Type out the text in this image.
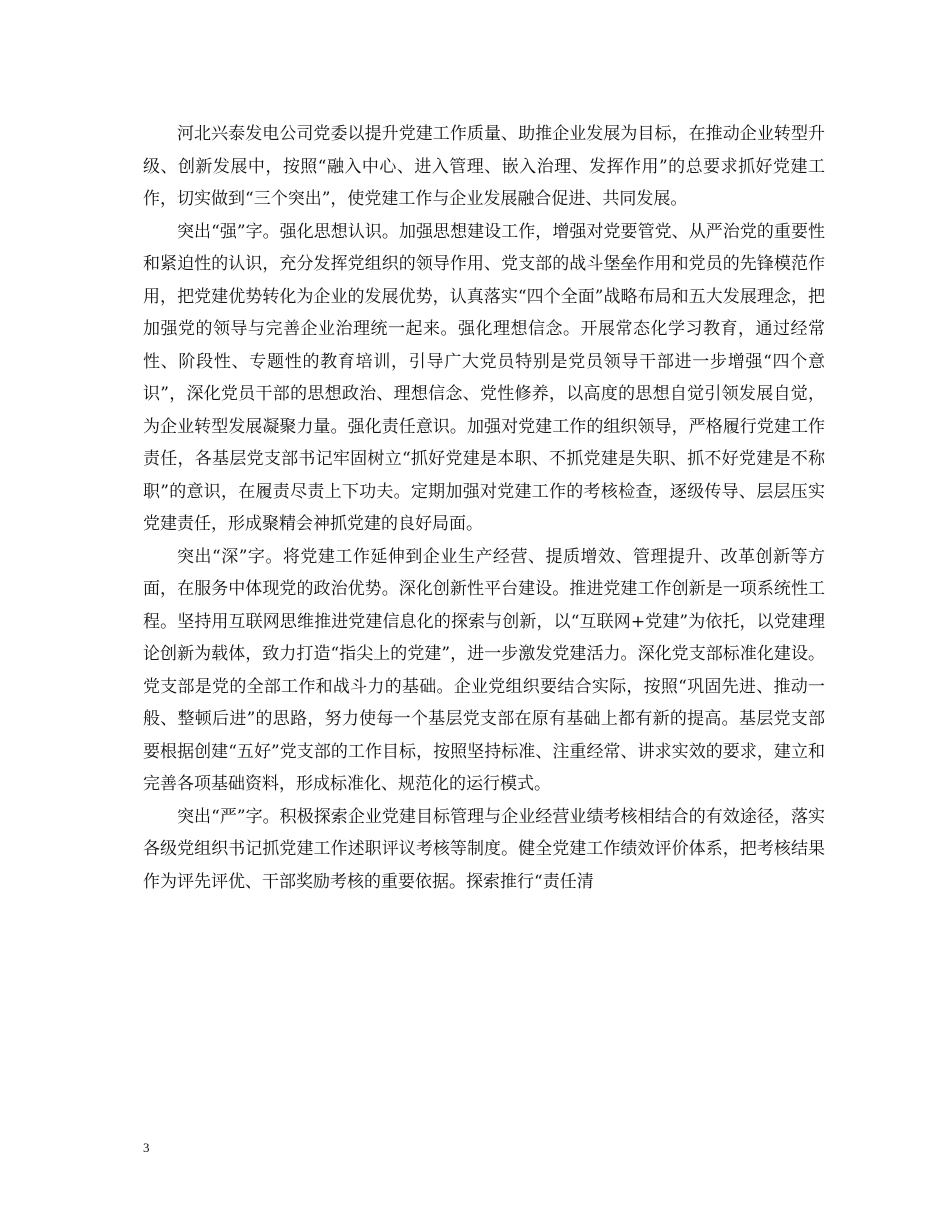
河北兴泰发电公司党委以提升党建工作质量、助推企业发展为目标，在推动企业转型升级、创新发展中，按照“融入中心、进入管理、嵌入治理、发挥作用”的总要求抓好党建工作，切实做到“三个突出”，使党建工作与企业发展融合促进、共同发展。

突出“强”字。强化思想认识。加强思想建设工作，增强对党要管党、从严治党的重要性和紧迫性的认识，充分发挥党组织的领导作用、党支部的战斗堡垒作用和党员的先锋模范作用，把党建优势转化为企业的发展优势，认真落实“四个全面”战略布局和五大发展理念，把加强党的领导与完善企业治理统一起来。强化理想信念。开展常态化学习教育，通过经常性、阶段性、专题性的教育培训，引导广大党员特别是党员领导干部进一步增强“四个意识”，深化党员干部的思想政治、理想信念、党性修养，以高度的思想自觉引领发展自觉，为企业转型发展凝聚力量。强化责任意识。加强对党建工作的组织领导，严格履行党建工作责任，各基层党支部书记牢固树立“抓好党建是本职、不抓党建是失职、抓不好党建是不称职”的意识，在履责尽责上下功夫。定期加强对党建工作的考核检查，逐级传导、层层压实党建责任，形成聚精会神抓党建的良好局面。

突出“深”字。将党建工作延伸到企业生产经营、提质增效、管理提升、改革创新等方面，在服务中体现党的政治优势。深化创新性平台建设。推进党建工作创新是一项系统性工程。坚持用互联网思维推进党建信息化的探索与创新，以“互联网+党建”为依托，以党建理论创新为载体，致力打造“指尖上的党建”，进一步激发党建活力。深化党支部标准化建设。党支部是党的全部工作和战斗力的基础。企业党组织要结合实际，按照“巩固先进、推动一般、整顿后进”的思路，努力使每一个基层党支部在原有基础上都有新的提高。基层党支部要根据创建“五好”党支部的工作目标，按照坚持标准、注重经常、讲求实效的要求，建立和完善各项基础资料，形成标准化、规范化的运行模式。

突出“严”字。积极探索企业党建目标管理与企业经营业绩考核相结合的有效途径，落实各级党组织书记抓党建工作述职评议考核等制度。健全党建工作绩效评价体系，把考核结果作为评先评优、干部奖励考核的重要依据。探索推行“责任清

3
